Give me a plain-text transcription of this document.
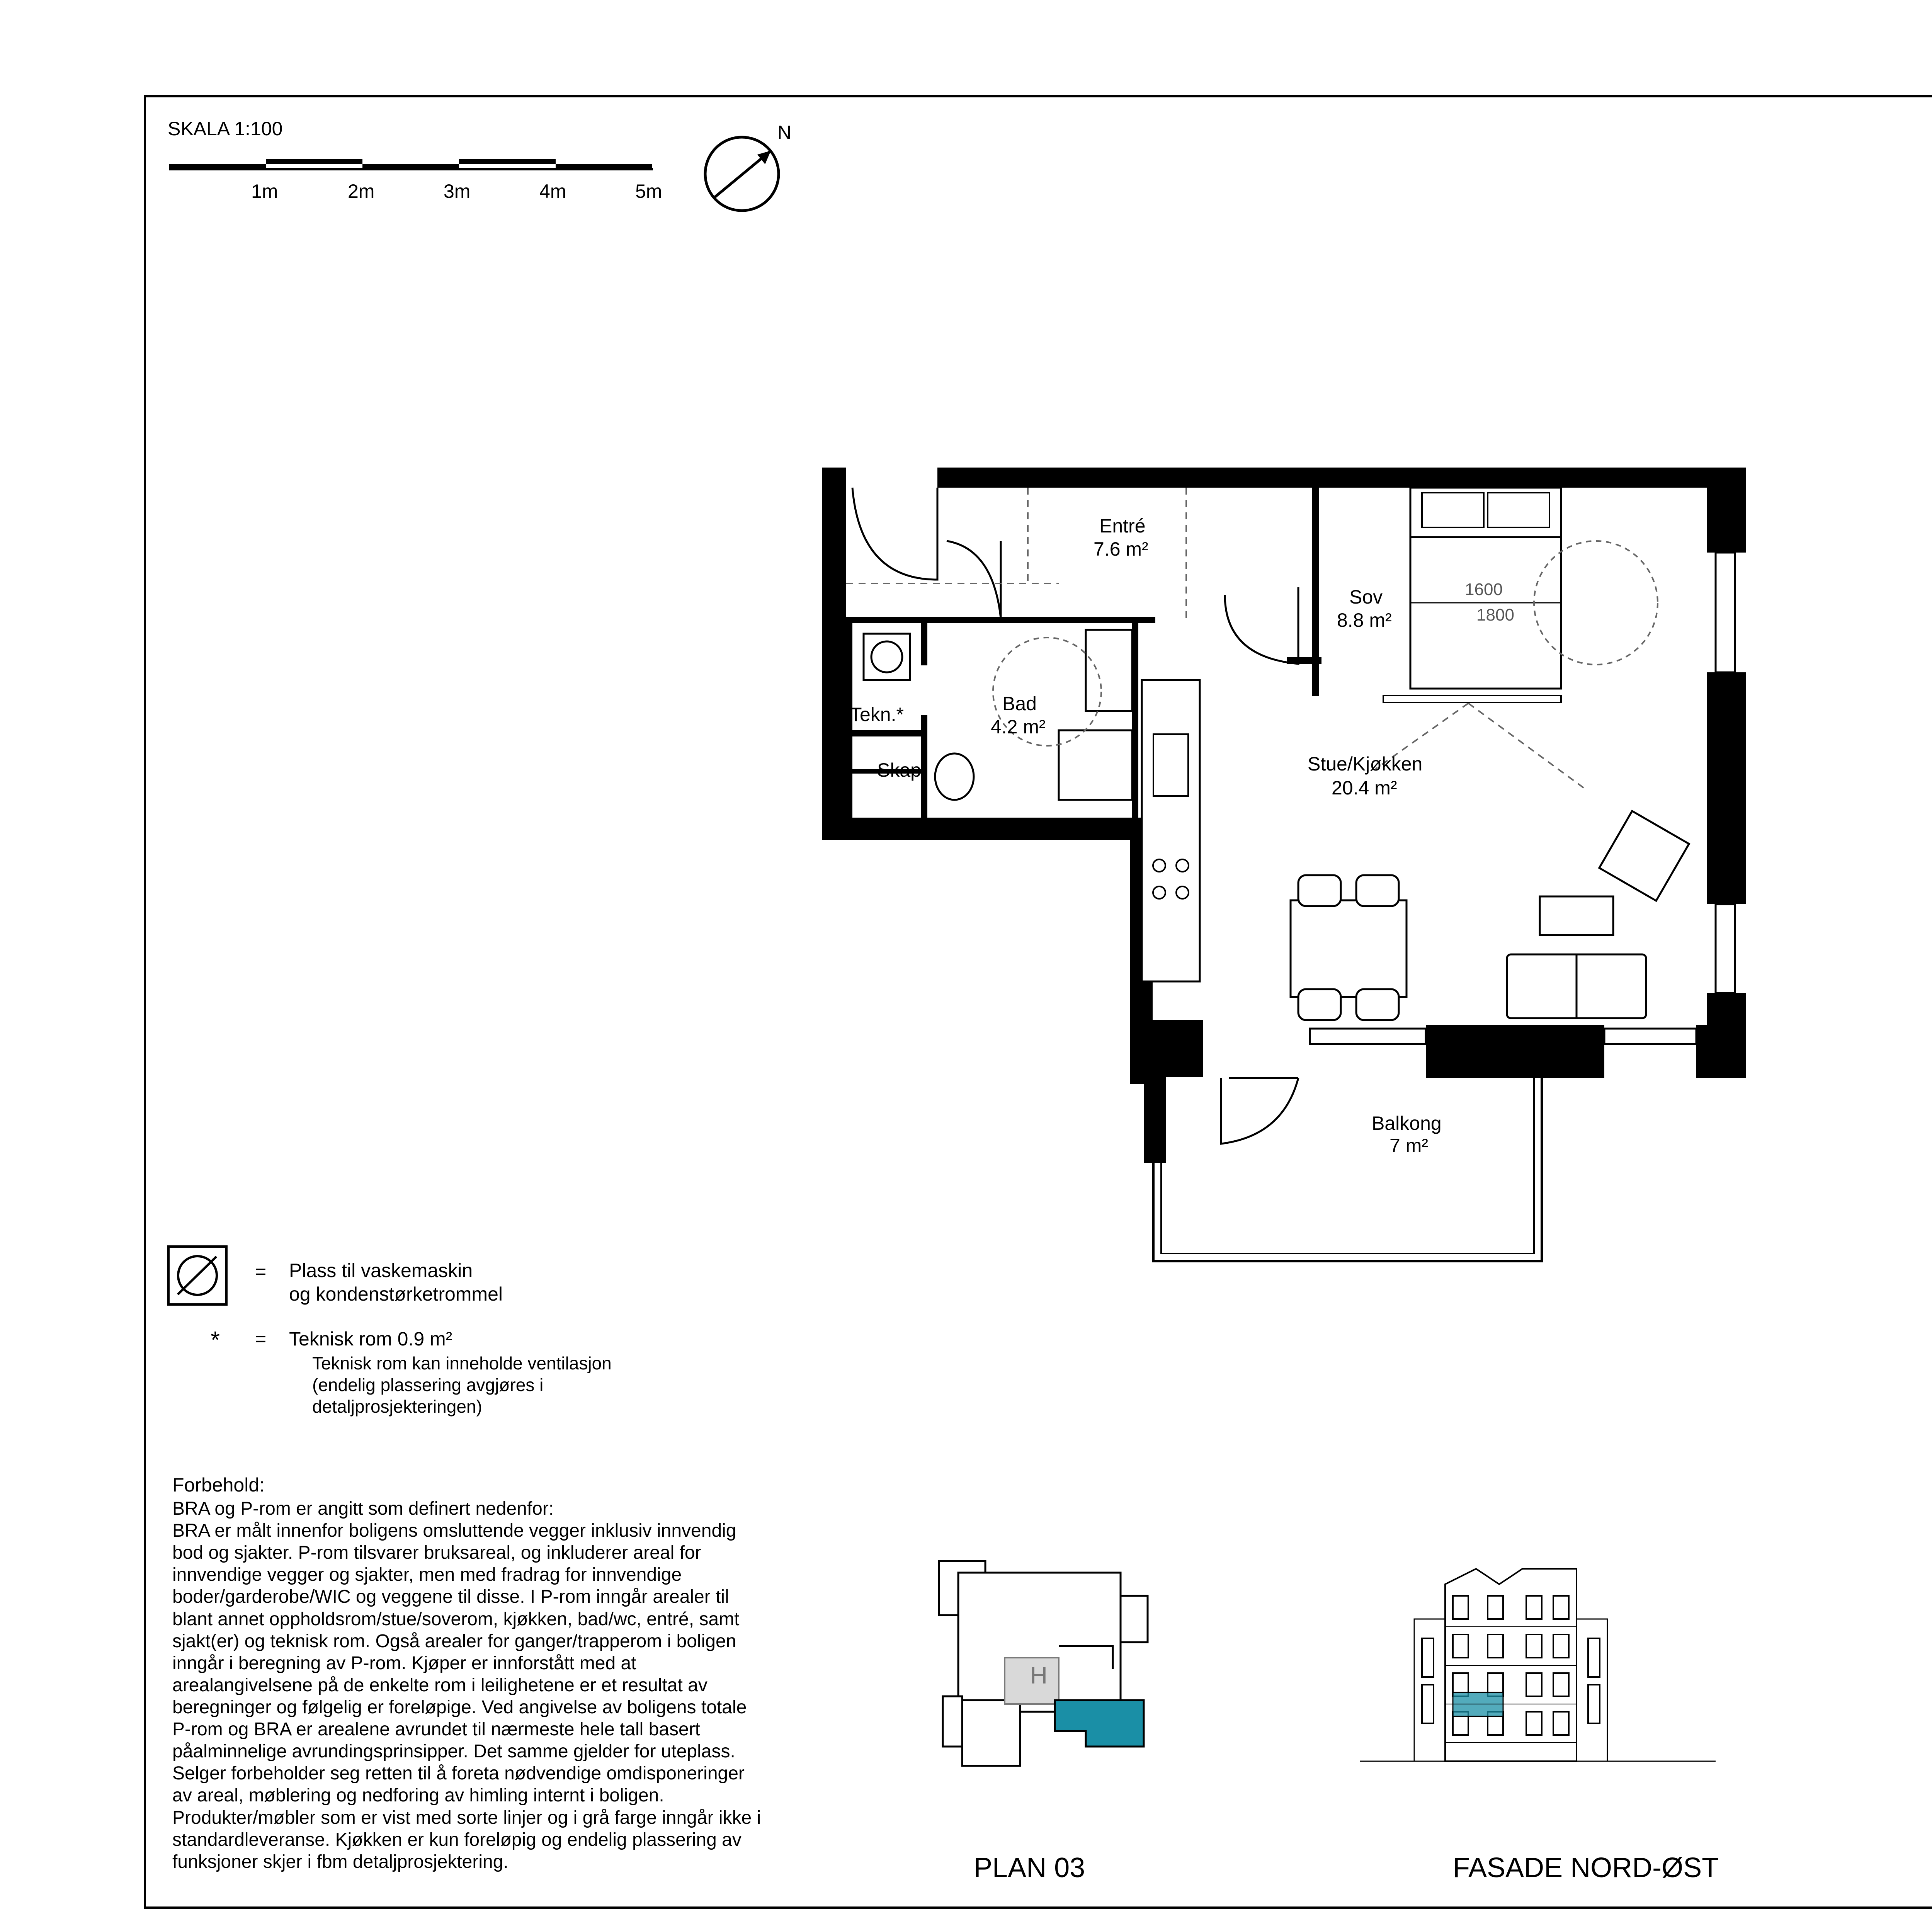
SKALA 1:100
1m	2m	3m	4m	5m
N
1600
1800
Entré
7.6 m²
Sov
8.8 m²
Bad
4.2 m²
Tekn.*
Skap	Stue/Kjøkken
20.4 m²
Balkong
7 m²
= Plass til vaskemaskin
og kondenstørketrommel
* = Teknisk rom 0.9 m²
Teknisk rom kan inneholde ventilasjon
(endelig plassering avgjøres i
detaljprosjekteringen)
Forbehold:
BRA og P-rom er angitt som definert nedenfor:
BRA er målt innenfor boligens omsluttende vegger inklusiv innvendig
bod og sjakter. P-rom tilsvarer bruksareal, og inkluderer areal for
innvendige vegger og sjakter, men med fradrag for innvendige
boder/garderobe/WIC og veggene til disse. I P-rom inngår arealer til
blant annet oppholdsrom/stue/soverom, kjøkken, bad/wc, entré, samt
sjakt(er) og teknisk rom. Også arealer for ganger/trapperom i boligen
inngår i beregning av P-rom. Kjøper er innforstått med at
arealangivelsene på de enkelte rom i leilighetene er et resultat av
beregninger og følgelig er foreløpige. Ved angivelse av boligens totale
P-rom og BRA er arealene avrundet til nærmeste hele tall basert
påalminnelige avrundingsprinsipper. Det samme gjelder for uteplass.
Selger forbeholder seg retten til å foreta nødvendige omdisponeringer
av areal, møblering og nedforing av himling internt i boligen.
Produkter/møbler som er vist med sorte linjer og i grå farge inngår ikke i
standardleveranse. Kjøkken er kun foreløpig og endelig plassering av
funksjoner skjer i fbm detaljprosjektering.
H
PLAN 03	FASADE NORD-ØST
